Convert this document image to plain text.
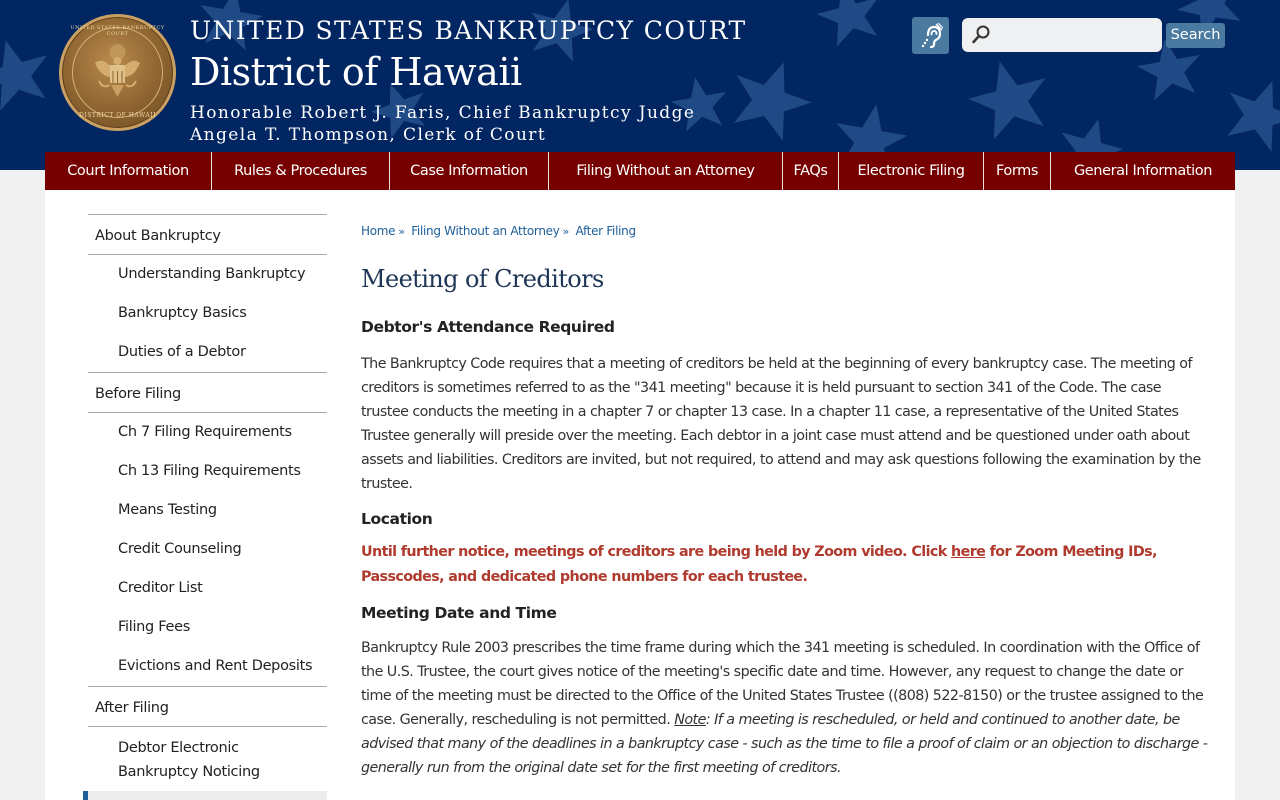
UNITED STATES BANKRUPTCY COURT
DISTRICT OF HAWAII
UNITED STATES BANKRUPTCY COURT
District of Hawaii
Honorable Robert J. Faris, Chief Bankruptcy Judge
Angela T. Thompson, Clerk of Court
Search
Court Information	Rules & Procedures	Case Information	Filing Without an Attorney	FAQs	Electronic Filing	Forms	General Information
About Bankruptcy
Understanding Bankruptcy
Bankruptcy Basics
Duties of a Debtor
Before Filing
Ch 7 Filing Requirements
Ch 13 Filing Requirements
Means Testing
Credit Counseling
Creditor List
Filing Fees
Evictions and Rent Deposits
After Filing
Debtor Electronic Bankruptcy Noticing
Home » Filing Without an Attorney » After Filing
Meeting of Creditors
Debtor's Attendance Required

The Bankruptcy Code requires that a meeting of creditors be held at the beginning of every bankruptcy case. The meeting of creditors is sometimes referred to as the "341 meeting" because it is held pursuant to section 341 of the Code. The case trustee conducts the meeting in a chapter 7 or chapter 13 case. In a chapter 11 case, a representative of the United States Trustee generally will preside over the meeting. Each debtor in a joint case must attend and be questioned under oath about assets and liabilities. Creditors are invited, but not required, to attend and may ask questions following the examination by the trustee.

Location

Until further notice, meetings of creditors are being held by Zoom video. Click here for Zoom Meeting IDs, Passcodes, and dedicated phone numbers for each trustee.

Meeting Date and Time

Bankruptcy Rule 2003 prescribes the time frame during which the 341 meeting is scheduled. In coordination with the Office of the U.S. Trustee, the court gives notice of the meeting's specific date and time. However, any request to change the date or time of the meeting must be directed to the Office of the United States Trustee ((808) 522-8150) or the trustee assigned to the case. Generally, rescheduling is not permitted. Note: If a meeting is rescheduled, or held and continued to another date, be advised that many of the deadlines in a bankruptcy case - such as the time to file a proof of claim or an objection to discharge - generally run from the original date set for the first meeting of creditors.
